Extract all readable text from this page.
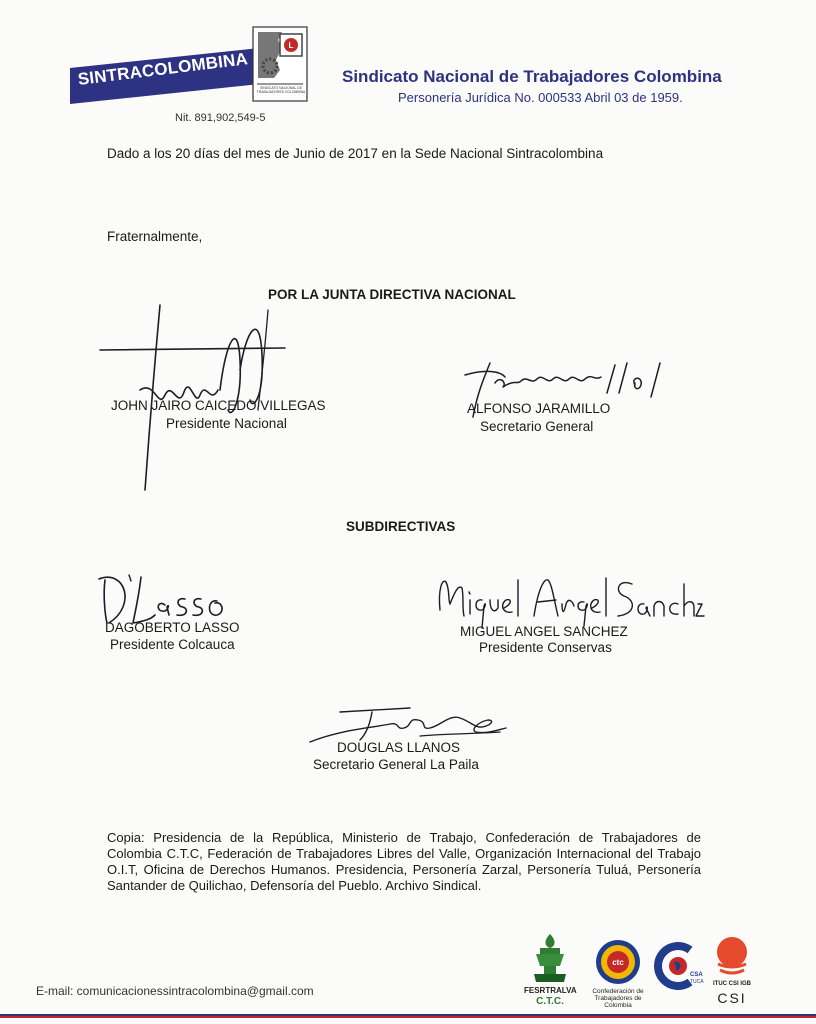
SINTRACOLOMBINA
L
SINDICATO NACIONAL DE TRABAJADORES COLOMBINA
Nit. 891,902,549-5
Sindicato Nacional de Trabajadores Colombina
Personería Jurídica No. 000533 Abril 03 de 1959.
Dado a los 20 días del mes de Junio de 2017 en la Sede Nacional Sintracolombina
Fraternalmente,
POR LA JUNTA DIRECTIVA NACIONAL
JOHN JAIRO CAICEDO VILLEGAS
Presidente Nacional
ALFONSO JARAMILLO
Secretario General
SUBDIRECTIVAS
DAGOBERTO LASSO
Presidente Colcauca
MIGUEL ANGEL SANCHEZ
Presidente Conservas
DOUGLAS LLANOS
Secretario General La Paila
Copia: Presidencia de la República, Ministerio de Trabajo, Confederación de Trabajadores de Colombia C.T.C, Federación de Trabajadores Libres del Valle, Organización Internacional del Trabajo O.I.T, Oficina de Derechos Humanos. Presidencia, Personería Zarzal, Personería Tuluá, Personería Santander de Quilichao, Defensoría del Pueblo. Archivo Sindical.
E-mail: comunicacionessintracolombina@gmail.com	FESRTRALVA
C.T.C.
ctc
Confederación de Trabajadores de Colombia
CSA
TUCA	ITUC CSI IGB
CSI
